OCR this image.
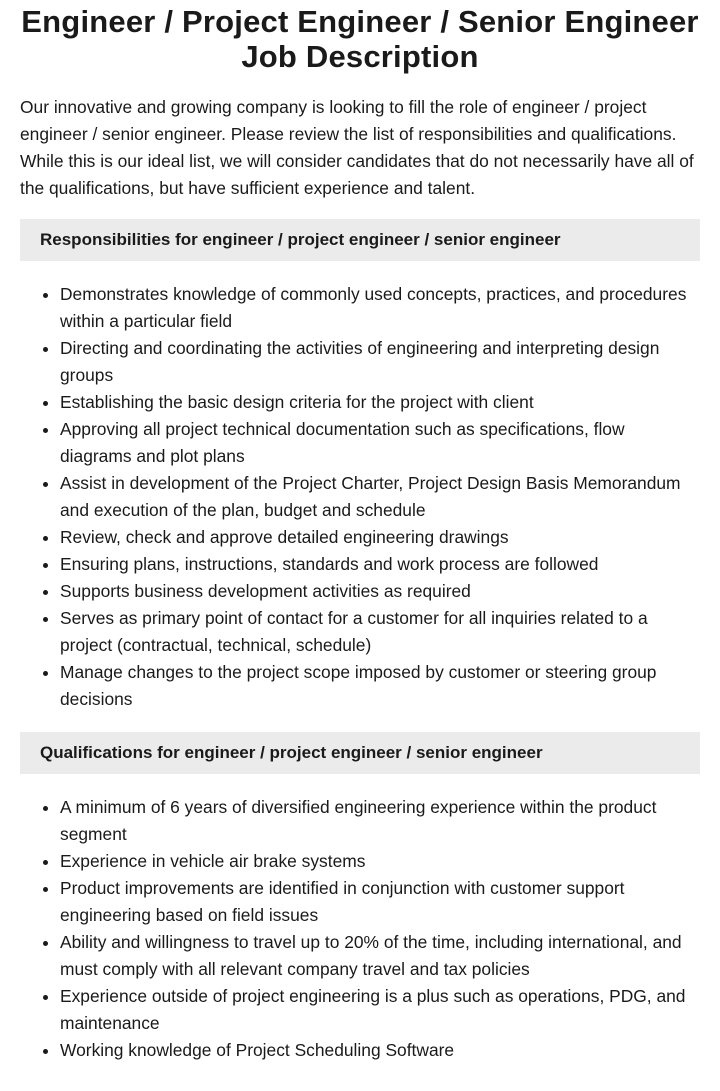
Engineer / Project Engineer / Senior Engineer Job Description

Our innovative and growing company is looking to fill the role of engineer / project engineer / senior engineer. Please review the list of responsibilities and qualifications. While this is our ideal list, we will consider candidates that do not necessarily have all of the qualifications, but have sufficient experience and talent.

Responsibilities for engineer / project engineer / senior engineer
• Demonstrates knowledge of commonly used concepts, practices, and procedures within a particular field
• Directing and coordinating the activities of engineering and interpreting design groups
• Establishing the basic design criteria for the project with client
• Approving all project technical documentation such as specifications, flow diagrams and plot plans
• Assist in development of the Project Charter, Project Design Basis Memorandum and execution of the plan, budget and schedule
• Review, check and approve detailed engineering drawings
• Ensuring plans, instructions, standards and work process are followed
• Supports business development activities as required
• Serves as primary point of contact for a customer for all inquiries related to a project (contractual, technical, schedule)
• Manage changes to the project scope imposed by customer or steering group decisions
Qualifications for engineer / project engineer / senior engineer
• A minimum of 6 years of diversified engineering experience within the product segment
• Experience in vehicle air brake systems
• Product improvements are identified in conjunction with customer support engineering based on field issues
• Ability and willingness to travel up to 20% of the time, including international, and must comply with all relevant company travel and tax policies
• Experience outside of project engineering is a plus such as operations, PDG, and maintenance
• Working knowledge of Project Scheduling Software
